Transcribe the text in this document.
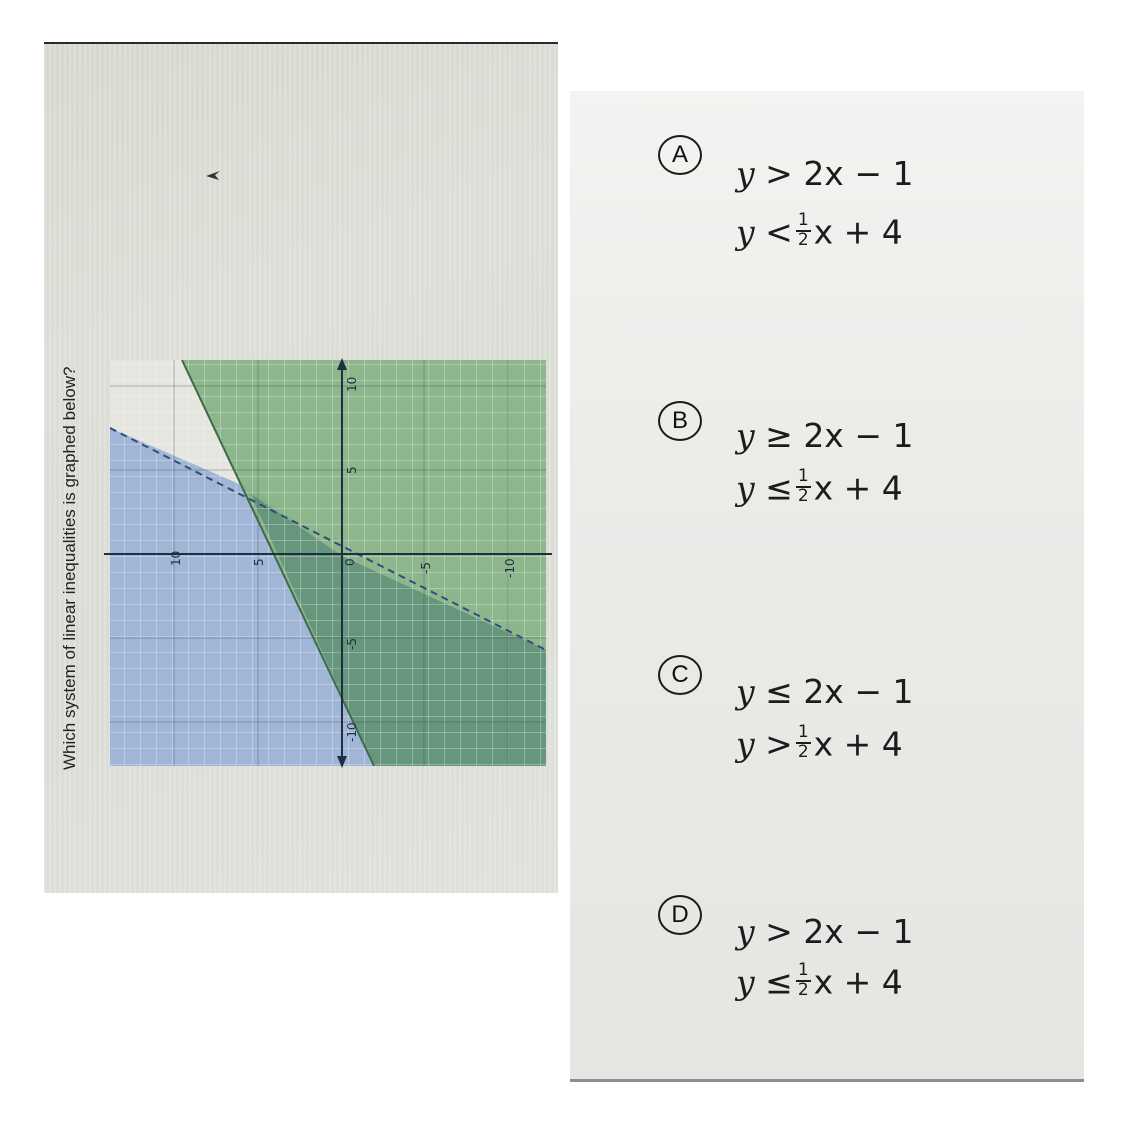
Which system of linear inequalities is graphed below?	10	5	0	-5	-10
10
5
-5
-10
A	y > 2x − 1
$y < \frac{1}{2}$ x + 4
B	y ≥ 2x − 1
$y \le \frac{1}{2}$ x + 4
C	y ≤ 2x − 1
$y > \frac{1}{2}$ x + 4
D	y > 2x − 1
$y \le \frac{1}{2}$ x + 4
